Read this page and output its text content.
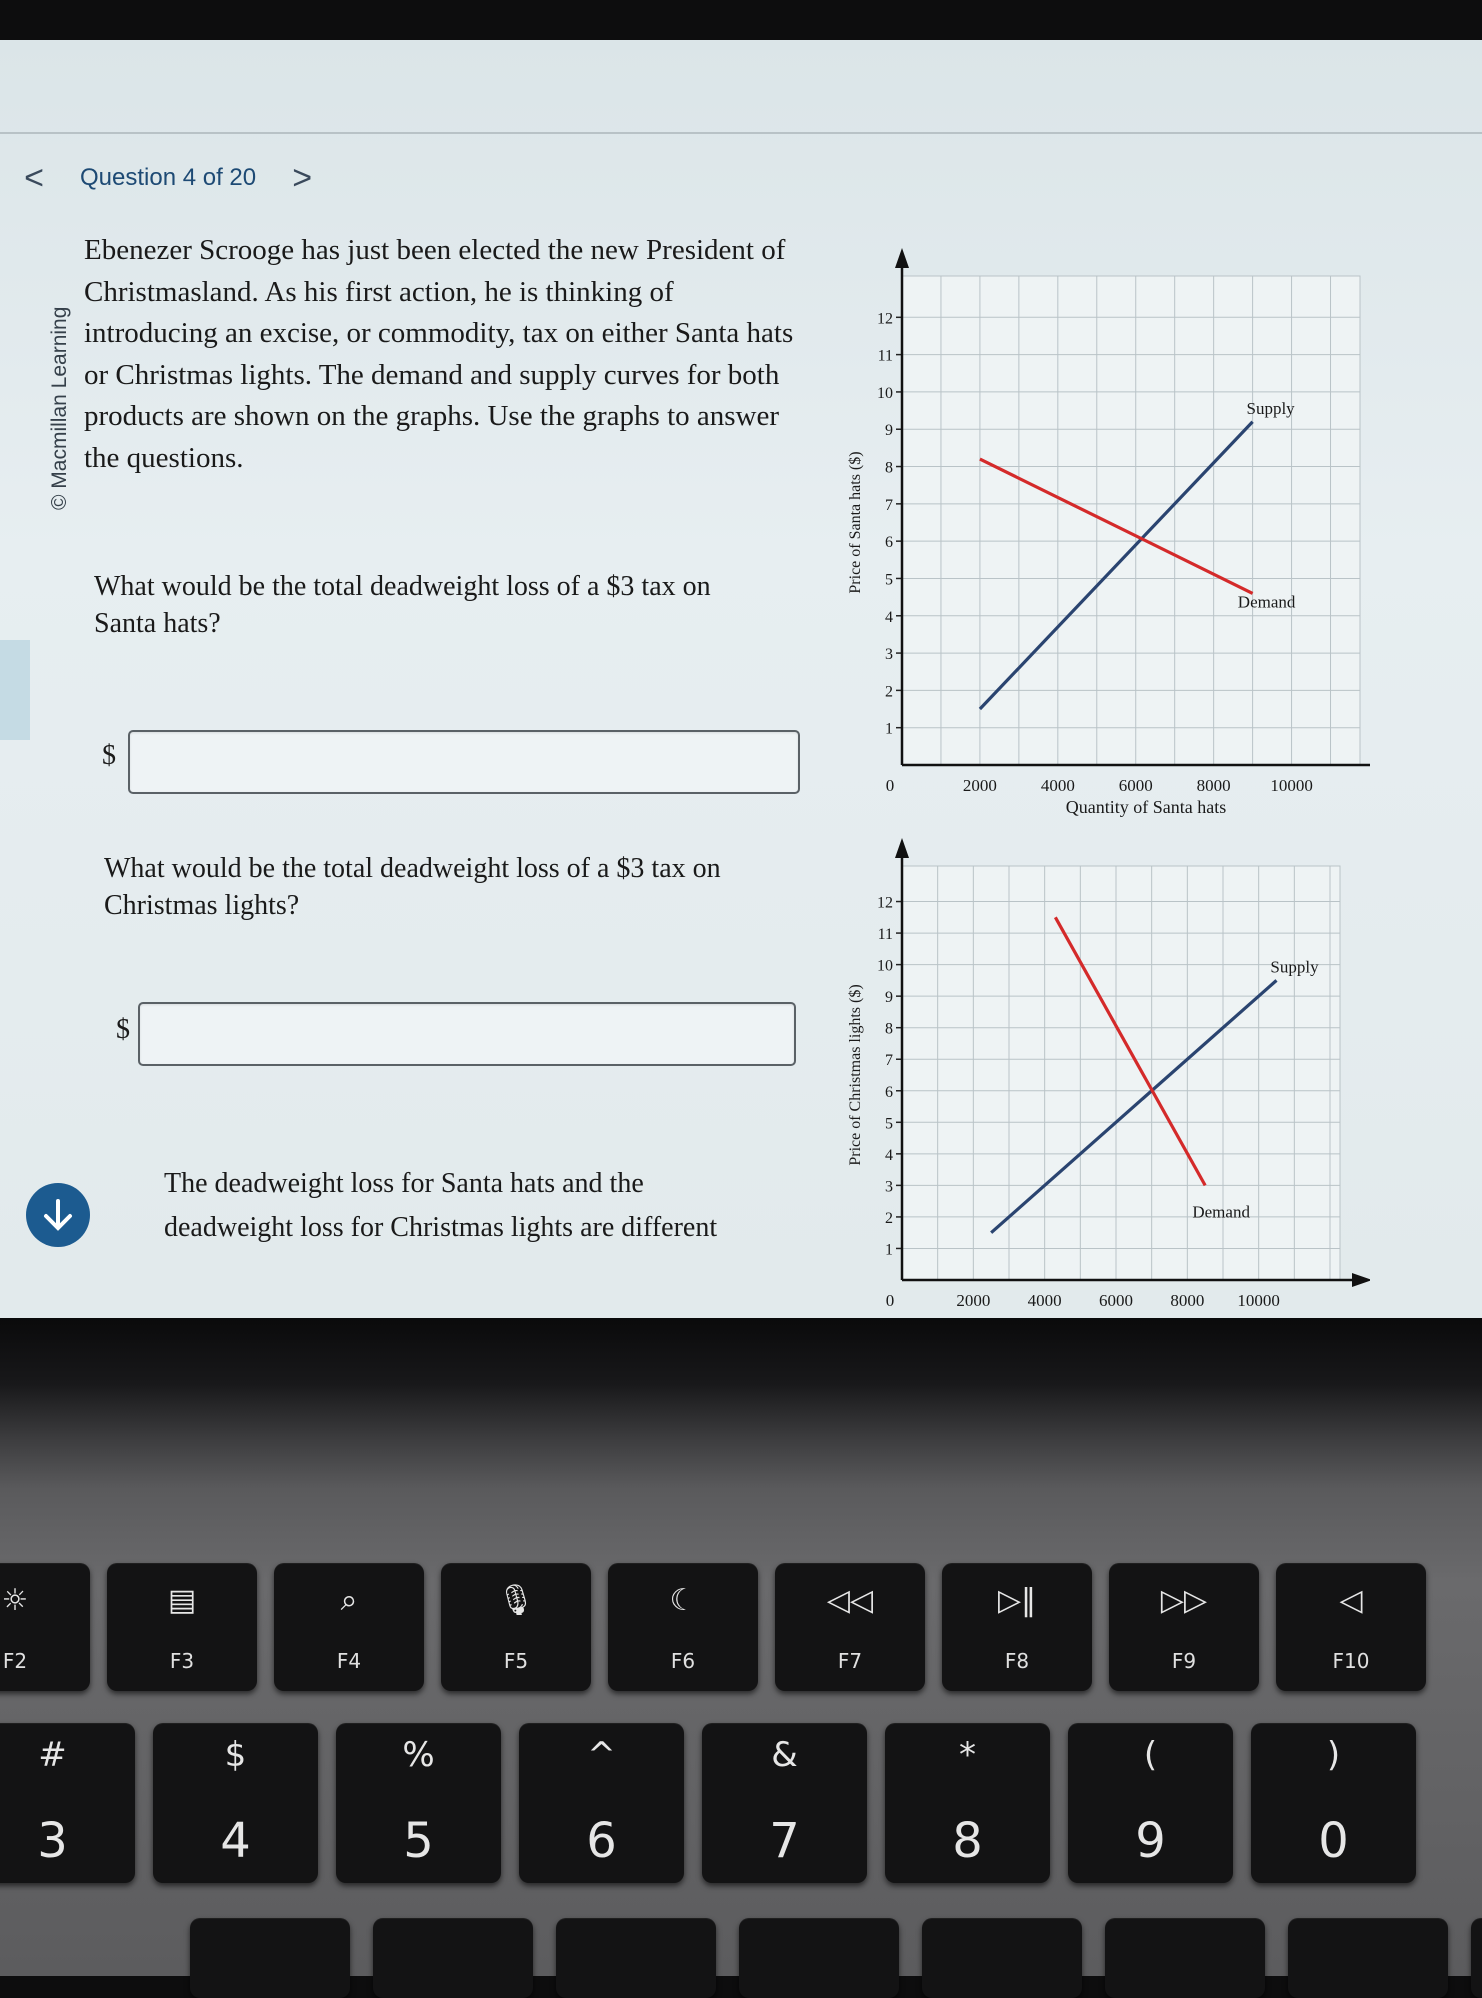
<	Question 4 of 20 >
© Macmillan Learning
Ebenezer Scrooge has just been elected the new President of Christmasland. As his first action, he is thinking of introducing an excise, or commodity, tax on either Santa hats or Christmas lights. The demand and supply curves for both products are shown on the graphs. Use the graphs to answer the questions.
What would be the total deadweight loss of a $3 tax on Santa hats?
$
What would be the total deadweight loss of a $3 tax on Christmas lights?
$
The deadweight loss for Santa hats and the deadweight loss for Christmas lights are different
1
2
3
4
5
6
7
8
9
10
11
12
0	2000	4000	6000	8000 10000
Price of Santa hats ($)
Quantity of Santa hats
Supply
Demand
1
2
3
4
5
6
7
8
9
10
11
12
0	2000 4000 6000 8000 10000
Price of Christmas lights ($)
Supply
Demand
☼
F2
▤
F3
⌕
F4
🎙
F5
☾
F6
◁◁
F7
▷‖
F8
▷▷
F9
◁
F10
#
3
$
4
%
5
^
6
&
7
*
8
(
9
)
0
